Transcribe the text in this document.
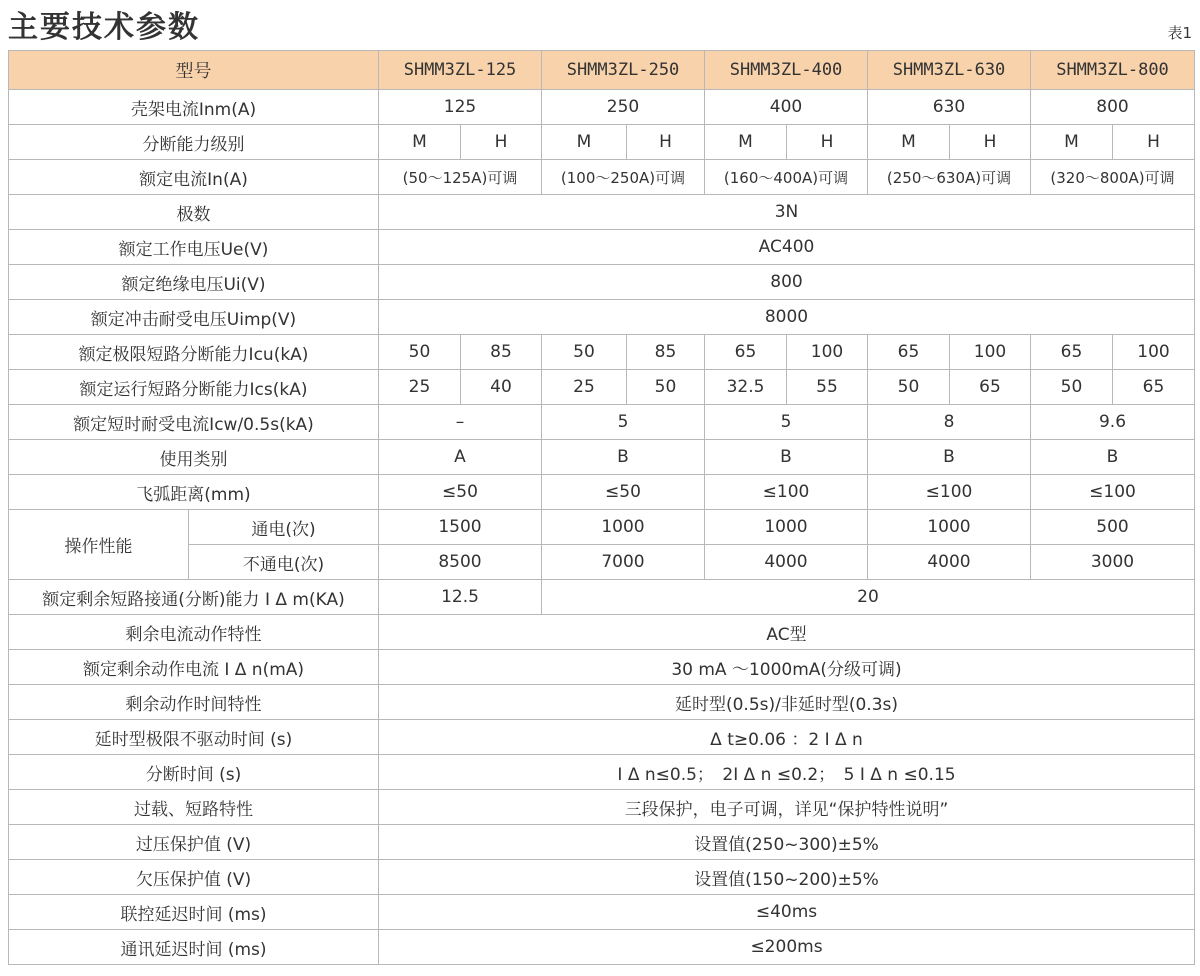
主要技术参数	表1
型号		SHMM3ZL-125		SHMM3ZL-250		SHMM3ZL-400		SHMM3ZL-630		SHMM3ZL-800	
壳架电流Inm(A)		125		250		400		630		800	
分断能力级别		M	H	M	H	M	H	M	H	M	H
额定电流In(A)		(50～125A)可调		(100～250A)可调		(160～400A)可调		(250～630A)可调		(320～800A)可调	
极数		3N									
额定工作电压Ue(V)		AC400									
额定绝缘电压Ui(V)		800									
额定冲击耐受电压Uimp(V)		8000									
额定极限短路分断能力Icu(kA)		50	85	50	85	65	100	65	100	65	100
额定运行短路分断能力Ics(kA)		25	40	25	50	32.5	55	50	65	50	65
额定短时耐受电流Icw/0.5s(kA)		–		5		5		8		9.6	
使用类别		A		B		B		B		B	
飞弧距离(mm)		≤50		≤50		≤100		≤100		≤100	
操作性能	通电(次)	1500		1000		1000		1000		500	
	不通电(次)	8500		7000		4000		4000		3000	
额定剩余短路接通(分断)能力 I Δ m(KA)		12.5		20							
剩余电流动作特性		AC型									
额定剩余动作电流 I Δ n(mA)		30 mA ～1000mA(分级可调)									
剩余动作时间特性		延时型(0.5s)/非延时型(0.3s)									
延时型极限不驱动时间 (s)		Δ t≥0.06 ：2 I Δ n									
分断时间 (s)		I Δ n≤0.5；　2I Δ n ≤0.2；　5 I Δ n ≤0.15									
过载、短路特性		三段保护，电子可调，详见“保护特性说明”									
过压保护值 (V)		设置值(250~300)±5%									
欠压保护值 (V)		设置值(150~200)±5%									
联控延迟时间 (ms)		≤40ms									
通讯延迟时间 (ms)		≤200ms									
